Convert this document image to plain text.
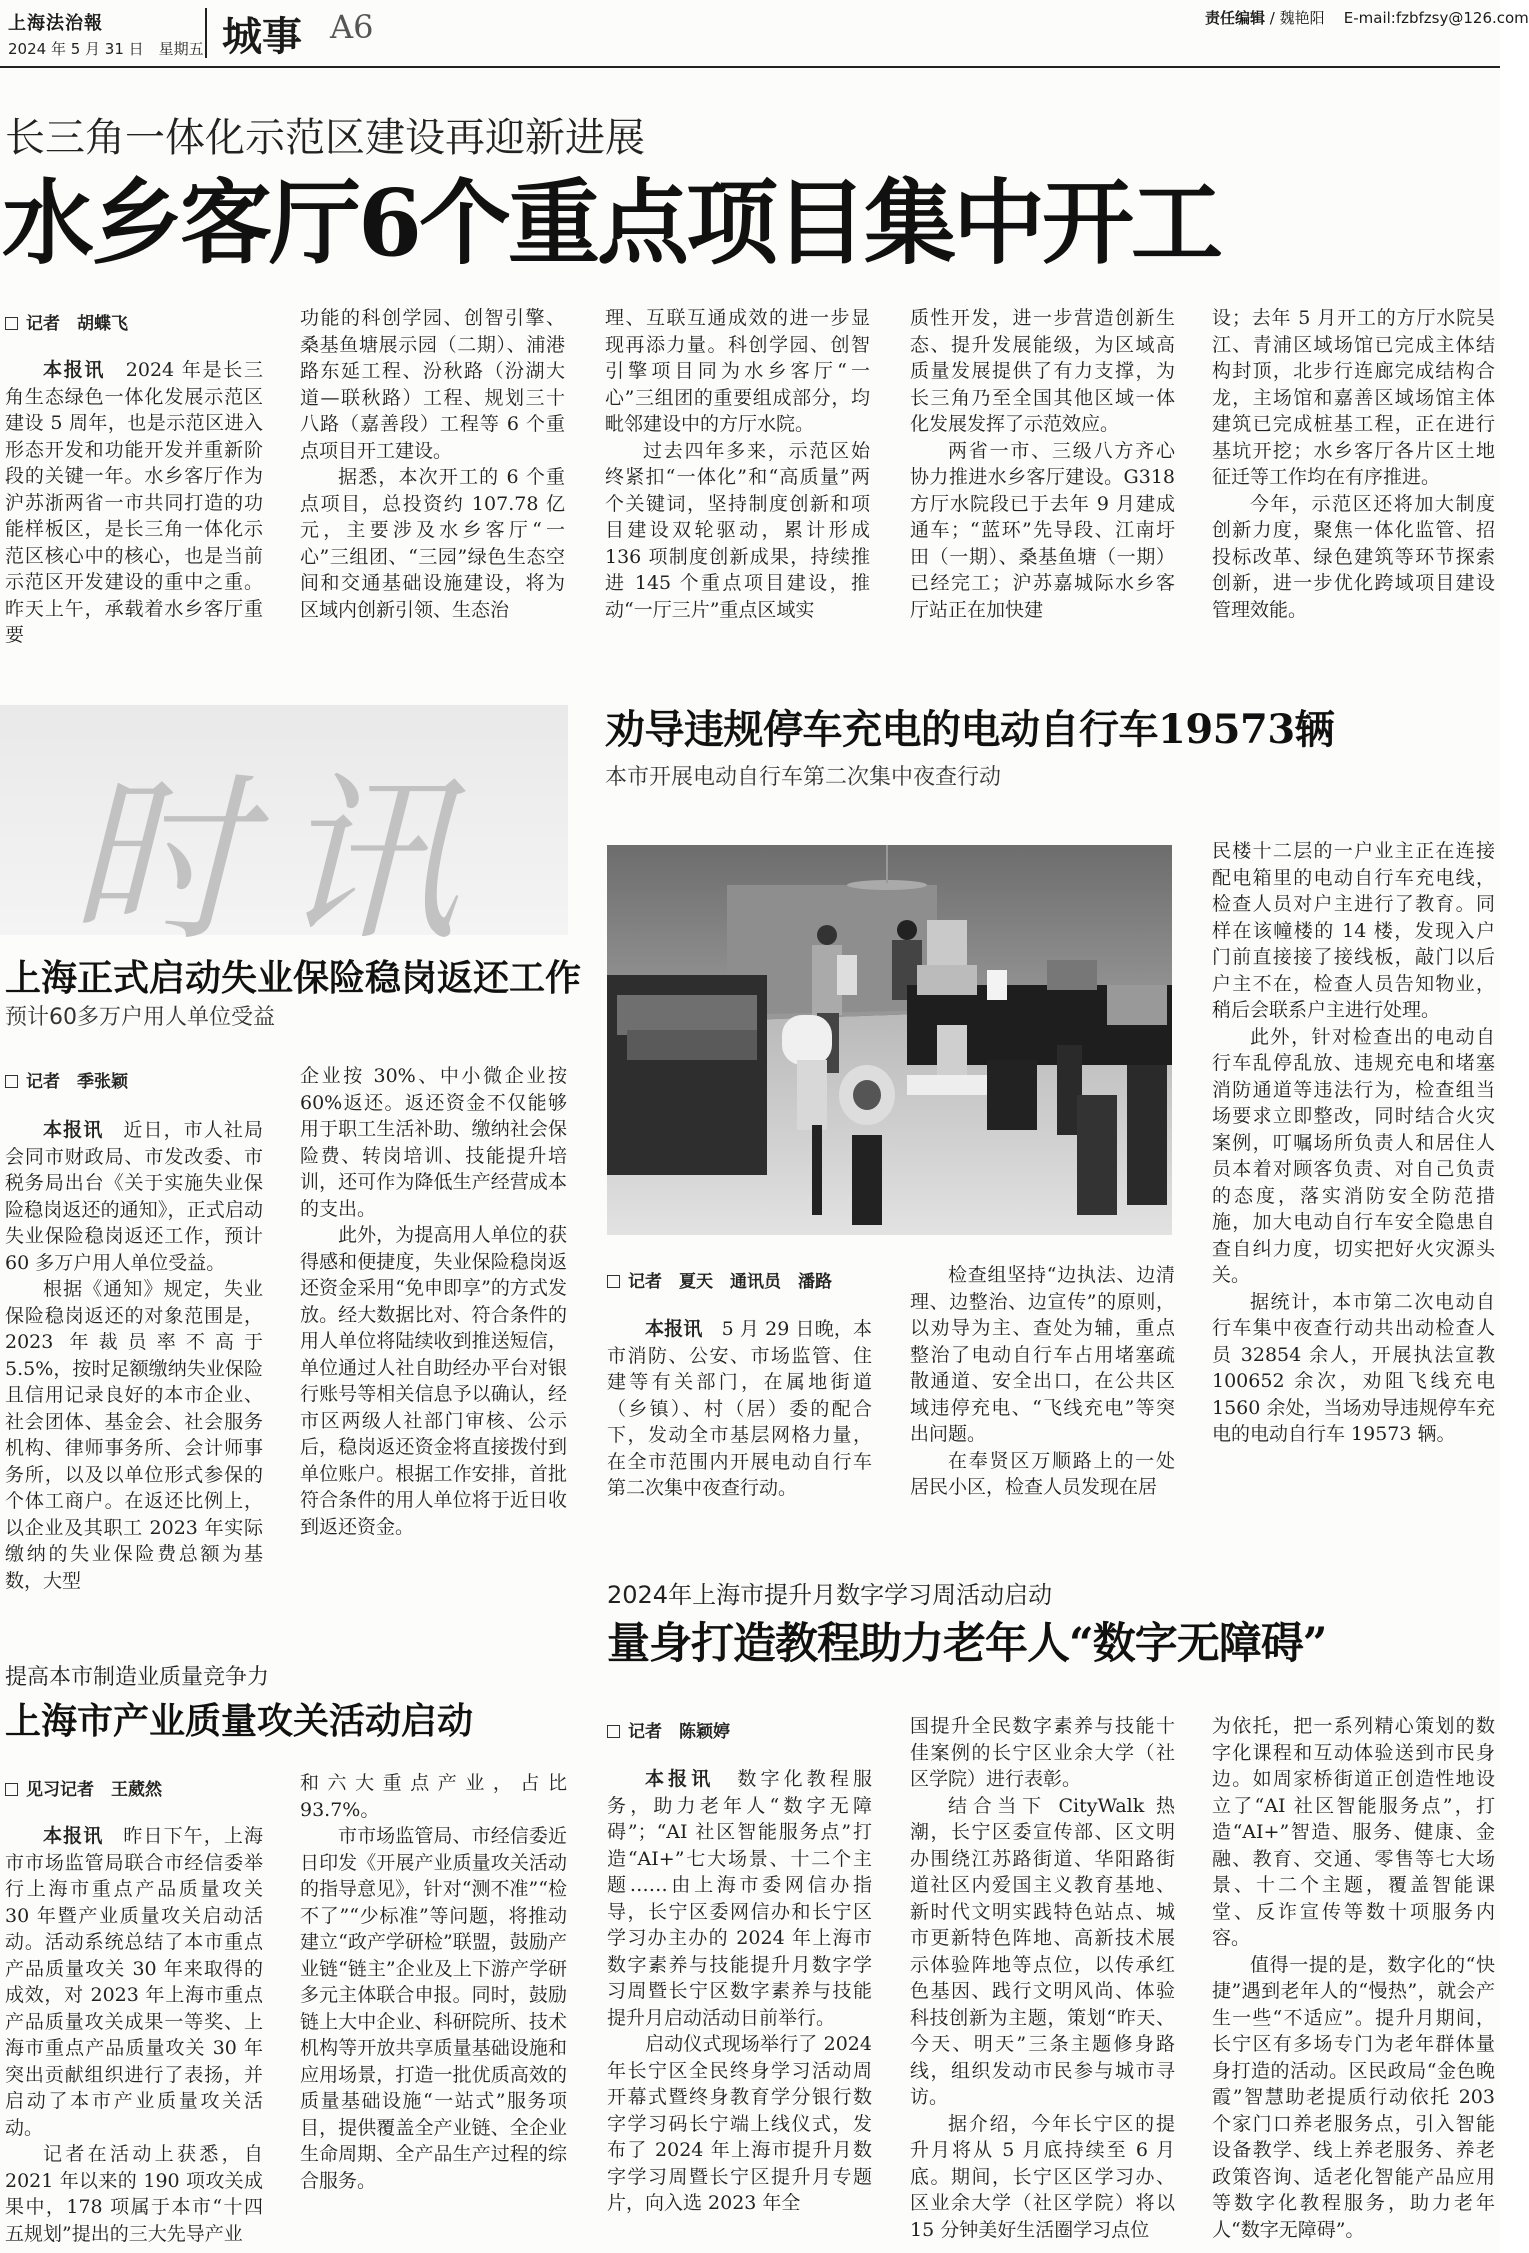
上海法治報
2024 年 5 月 31 日　星期五 城事 A6	责任编辑 / 魏艳阳 E-mail:fzbfzsy@126.com
长三角一体化示范区建设再迎新进展
水乡客厅6个重点项目集中开工
记者　胡蝶飞

本报讯　2024 年是长三角生态绿色一体化发展示范区建设 5 周年，也是示范区进入形态开发和功能开发并重新阶段的关键一年。水乡客厅作为沪苏浙两省一市共同打造的功能样板区，是长三角一体化示范区核心中的核心，也是当前示范区开发建设的重中之重。昨天上午，承载着水乡客厅重要

功能的科创学园、创智引擎、桑基鱼塘展示园（二期）、浦港路东延工程、汾秋路（汾湖大道—联秋路）工程、规划三十八路（嘉善段）工程等 6 个重点项目开工建设。

据悉，本次开工的 6 个重点项目，总投资约 107.78 亿元，主要涉及水乡客厅“一心”三组团、“三园”绿色生态空间和交通基础设施建设，将为区域内创新引领、生态治

理、互联互通成效的进一步显现再添力量。科创学园、创智引擎项目同为水乡客厅“一心”三组团的重要组成部分，均毗邻建设中的方厅水院。

过去四年多来，示范区始终紧扣“一体化”和“高质量”两个关键词，坚持制度创新和项目建设双轮驱动，累计形成 136 项制度创新成果，持续推进 145 个重点项目建设，推动“一厅三片”重点区域实

质性开发，进一步营造创新生态、提升发展能级，为区域高质量发展提供了有力支撑，为长三角乃至全国其他区域一体化发展发挥了示范效应。

两省一市、三级八方齐心协力推进水乡客厅建设。G318 方厅水院段已于去年 9 月建成通车；“蓝环”先导段、江南圩田（一期）、桑基鱼塘（一期）已经完工；沪苏嘉城际水乡客厅站正在加快建

设；去年 5 月开工的方厅水院吴江、青浦区域场馆已完成主体结构封顶，北步行连廊完成结构合龙，主场馆和嘉善区域场馆主体建筑已完成桩基工程，正在进行基坑开挖；水乡客厅各片区土地征迁等工作均在有序推进。

今年，示范区还将加大制度创新力度，聚焦一体化监管、招投标改革、绿色建筑等环节探索创新，进一步优化跨域项目建设管理效能。

时讯
上海正式启动失业保险稳岗返还工作
预计60多万户用人单位受益
记者　季张颖

本报讯　近日，市人社局会同市财政局、市发改委、市税务局出台《关于实施失业保险稳岗返还的通知》，正式启动失业保险稳岗返还工作，预计 60 多万户用人单位受益。

根据《通知》规定，失业保险稳岗返还的对象范围是，2023 年裁员率不高于 5.5%，按时足额缴纳失业保险且信用记录良好的本市企业、社会团体、基金会、社会服务机构、律师事务所、会计师事务所，以及以单位形式参保的个体工商户。在返还比例上，以企业及其职工 2023 年实际缴纳的失业保险费总额为基数，大型

企业按 30%、中小微企业按 60%返还。返还资金不仅能够用于职工生活补助、缴纳社会保险费、转岗培训、技能提升培训，还可作为降低生产经营成本的支出。

此外，为提高用人单位的获得感和便捷度，失业保险稳岗返还资金采用“免申即享”的方式发放。经大数据比对、符合条件的用人单位将陆续收到推送短信，单位通过人社自助经办平台对银行账号等相关信息予以确认，经市区两级人社部门审核、公示后，稳岗返还资金将直接拨付到单位账户。根据工作安排，首批符合条件的用人单位将于近日收到返还资金。

劝导违规停车充电的电动自行车19573辆
本市开展电动自行车第二次集中夜查行动
记者　夏天　通讯员　潘路

本报讯　5 月 29 日晚，本市消防、公安、市场监管、住建等有关部门，在属地街道（乡镇）、村（居）委的配合下，发动全市基层网格力量，在全市范围内开展电动自行车第二次集中夜查行动。

检查组坚持“边执法、边清理、边整治、边宣传”的原则，以劝导为主、查处为辅，重点整治了电动自行车占用堵塞疏散通道、安全出口，在公共区域违停充电、“飞线充电”等突出问题。

在奉贤区万顺路上的一处居民小区，检查人员发现在居

民楼十二层的一户业主正在连接配电箱里的电动自行车充电线，检查人员对户主进行了教育。同样在该幢楼的 14 楼，发现入户门前直接接了接线板，敲门以后户主不在，检查人员告知物业，稍后会联系户主进行处理。

此外，针对检查出的电动自行车乱停乱放、违规充电和堵塞消防通道等违法行为，检查组当场要求立即整改，同时结合火灾案例，叮嘱场所负责人和居住人员本着对顾客负责、对自己负责的态度，落实消防安全防范措施，加大电动自行车安全隐患自查自纠力度，切实把好火灾源头关。

据统计，本市第二次电动自行车集中夜查行动共出动检查人员 32854 余人，开展执法宣教 100652 余次，劝阻飞线充电 1560 余处，当场劝导违规停车充电的电动自行车 19573 辆。

提高本市制造业质量竞争力
上海市产业质量攻关活动启动
见习记者　王葳然

本报讯　昨日下午，上海市市场监管局联合市经信委举行上海市重点产品质量攻关 30 年暨产业质量攻关启动活动。活动系统总结了本市重点产品质量攻关 30 年来取得的成效，对 2023 年上海市重点产品质量攻关成果一等奖、上海市重点产品质量攻关 30 年突出贡献组织进行了表扬，并启动了本市产业质量攻关活动。

记者在活动上获悉，自 2021 年以来的 190 项攻关成果中，178 项属于本市“十四五规划”提出的三大先导产业

和六大重点产业，占比 93.7%。

市市场监管局、市经信委近日印发《开展产业质量攻关活动的指导意见》，针对“测不准”“检不了”“少标准”等问题，将推动建立“政产学研检”联盟，鼓励产业链“链主”企业及上下游产学研多元主体联合申报。同时，鼓励链上大中企业、科研院所、技术机构等开放共享质量基础设施和应用场景，打造一批优质高效的质量基础设施“一站式”服务项目，提供覆盖全产业链、全企业生命周期、全产品生产过程的综合服务。

2024年上海市提升月数字学习周活动启动
量身打造教程助力老年人“数字无障碍”
记者　陈颖婷

本报讯　数字化教程服务，助力老年人“数字无障碍”；“AI 社区智能服务点”打造“AI+”七大场景、十二个主题……由上海市委网信办指导，长宁区委网信办和长宁区学习办主办的 2024 年上海市数字素养与技能提升月数字学习周暨长宁区数字素养与技能提升月启动活动日前举行。

启动仪式现场举行了 2024 年长宁区全民终身学习活动周开幕式暨终身教育学分银行数字学习码长宁端上线仪式，发布了 2024 年上海市提升月数字学习周暨长宁区提升月专题片，向入选 2023 年全

国提升全民数字素养与技能十佳案例的长宁区业余大学（社区学院）进行表彰。

结合当下 CityWalk 热潮，长宁区委宣传部、区文明办围绕江苏路街道、华阳路街道社区内爱国主义教育基地、新时代文明实践特色站点、城市更新特色阵地、高新技术展示体验阵地等点位，以传承红色基因、践行文明风尚、体验科技创新为主题，策划“昨天、今天、明天”三条主题修身路线，组织发动市民参与城市寻访。

据介绍，今年长宁区的提升月将从 5 月底持续至 6 月底。期间，长宁区区学习办、区业余大学（社区学院）将以 15 分钟美好生活圈学习点位

为依托，把一系列精心策划的数字化课程和互动体验送到市民身边。如周家桥街道正创造性地设立了“AI 社区智能服务点”，打造“AI+”智造、服务、健康、金融、教育、交通、零售等七大场景、十二个主题，覆盖智能课堂、反诈宣传等数十项服务内容。

值得一提的是，数字化的“快捷”遇到老年人的“慢热”，就会产生一些“不适应”。提升月期间，长宁区有多场专门为老年群体量身打造的活动。区民政局“金色晚霞”智慧助老提质行动依托 203 个家门口养老服务点，引入智能设备教学、线上养老服务、养老政策咨询、适老化智能产品应用等数字化教程服务，助力老年人“数字无障碍”。
